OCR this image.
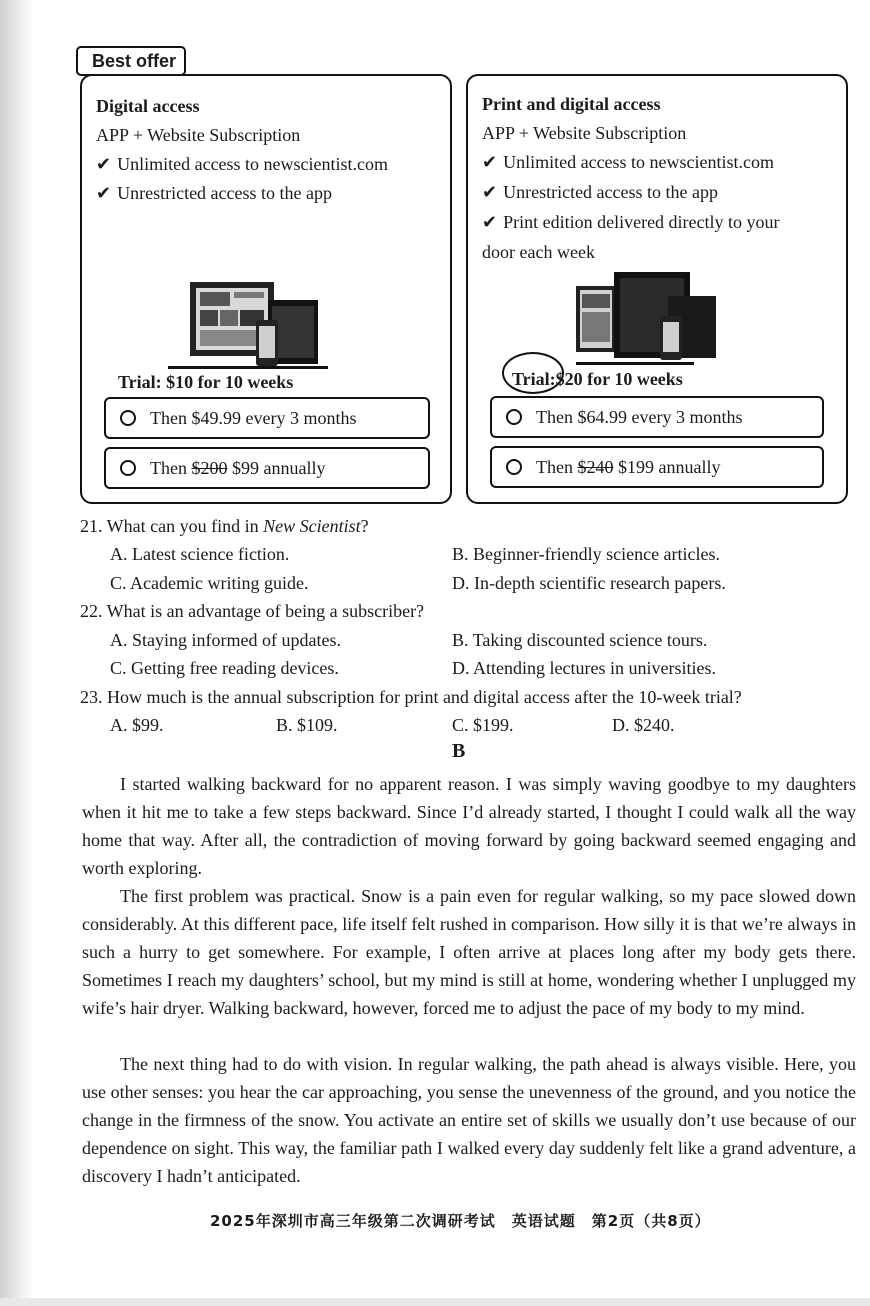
Best offer
Digital access
APP + Website Subscription
✔ Unlimited access to newscientist.com
✔ Unrestricted access to the app
Trial: $10 for 10 weeks
Then $49.99 every 3 months
Then $200 $99 annually
Print and digital access
APP + Website Subscription
✔ Unlimited access to newscientist.com
✔ Unrestricted access to the app
✔ Print edition delivered directly to your
door each week
Trial:$20 for 10 weeks
Then $64.99 every 3 months
Then $240 $199 annually
21. What can you find in New Scientist?
A. Latest science fiction.	B. Beginner-friendly science articles.
C. Academic writing guide.	D. In-depth scientific research papers.
22. What is an advantage of being a subscriber?
A. Staying informed of updates.	B. Taking discounted science tours.
C. Getting free reading devices.	D. Attending lectures in universities.
23. How much is the annual subscription for print and digital access after the 10-week trial?
A. $99.	B. $109.	C. $199.	D. $240.
B
I started walking backward for no apparent reason. I was simply waving goodbye to my daughters when it hit me to take a few steps backward. Since I’d already started, I thought I could walk all the way home that way. After all, the contradiction of moving forward by going backward seemed engaging and worth exploring.
The first problem was practical. Snow is a pain even for regular walking, so my pace slowed down considerably. At this different pace, life itself felt rushed in comparison. How silly it is that we’re always in such a hurry to get somewhere. For example, I often arrive at places long after my body gets there. Sometimes I reach my daughters’ school, but my mind is still at home, wondering whether I unplugged my wife’s hair dryer. Walking backward, however, forced me to adjust the pace of my body to my mind.
The next thing had to do with vision. In regular walking, the path ahead is always visible. Here, you use other senses: you hear the car approaching, you sense the unevenness of the ground, and you notice the change in the firmness of the snow. You activate an entire set of skills we usually don’t use because of our dependence on sight. This way, the familiar path I walked every day suddenly felt like a grand adventure, a discovery I hadn’t anticipated.
2025年深圳市高三年级第二次调研考试　英语试题　第2页（共8页）
